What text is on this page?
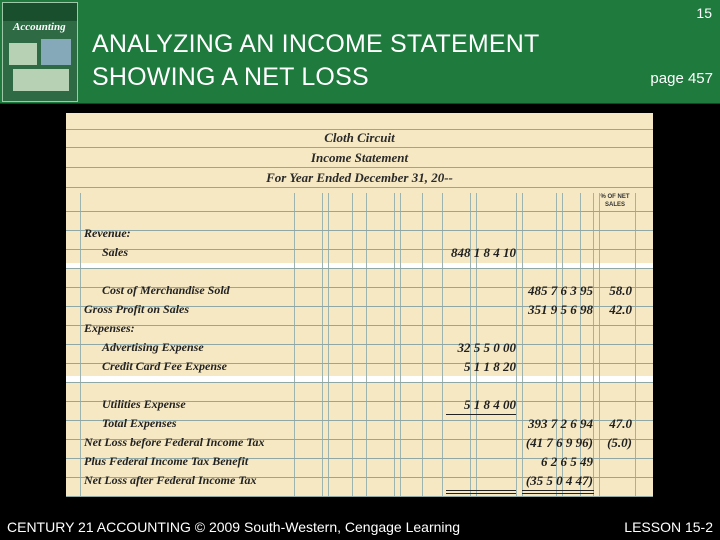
Accounting
ANALYZING AN INCOME STATEMENT
SHOWING A NET LOSS
15
page 457
Cloth Circuit
Income Statement
For Year Ended December 31, 20--
% OF NET SALES
Revenue:
Sales	848 1 8 4 10
Cost of Merchandise Sold	485 7 6 3 95	58.0
Gross Profit on Sales	351 9 5 6 98	42.0
Expenses:
Advertising Expense	32 5 5 0 00
Credit Card Fee Expense	5 1 1 8 20
Utilities Expense	5 1 8 4 00
Total Expenses	393 7 2 6 94	47.0
Net Loss before Federal Income Tax	(41 7 6 9 96)	(5.0)
Plus Federal Income Tax Benefit	6 2 6 5 49
Net Loss after Federal Income Tax	(35 5 0 4 47)
CENTURY 21 ACCOUNTING © 2009 South-Western, Cengage Learning	LESSON 15-2
